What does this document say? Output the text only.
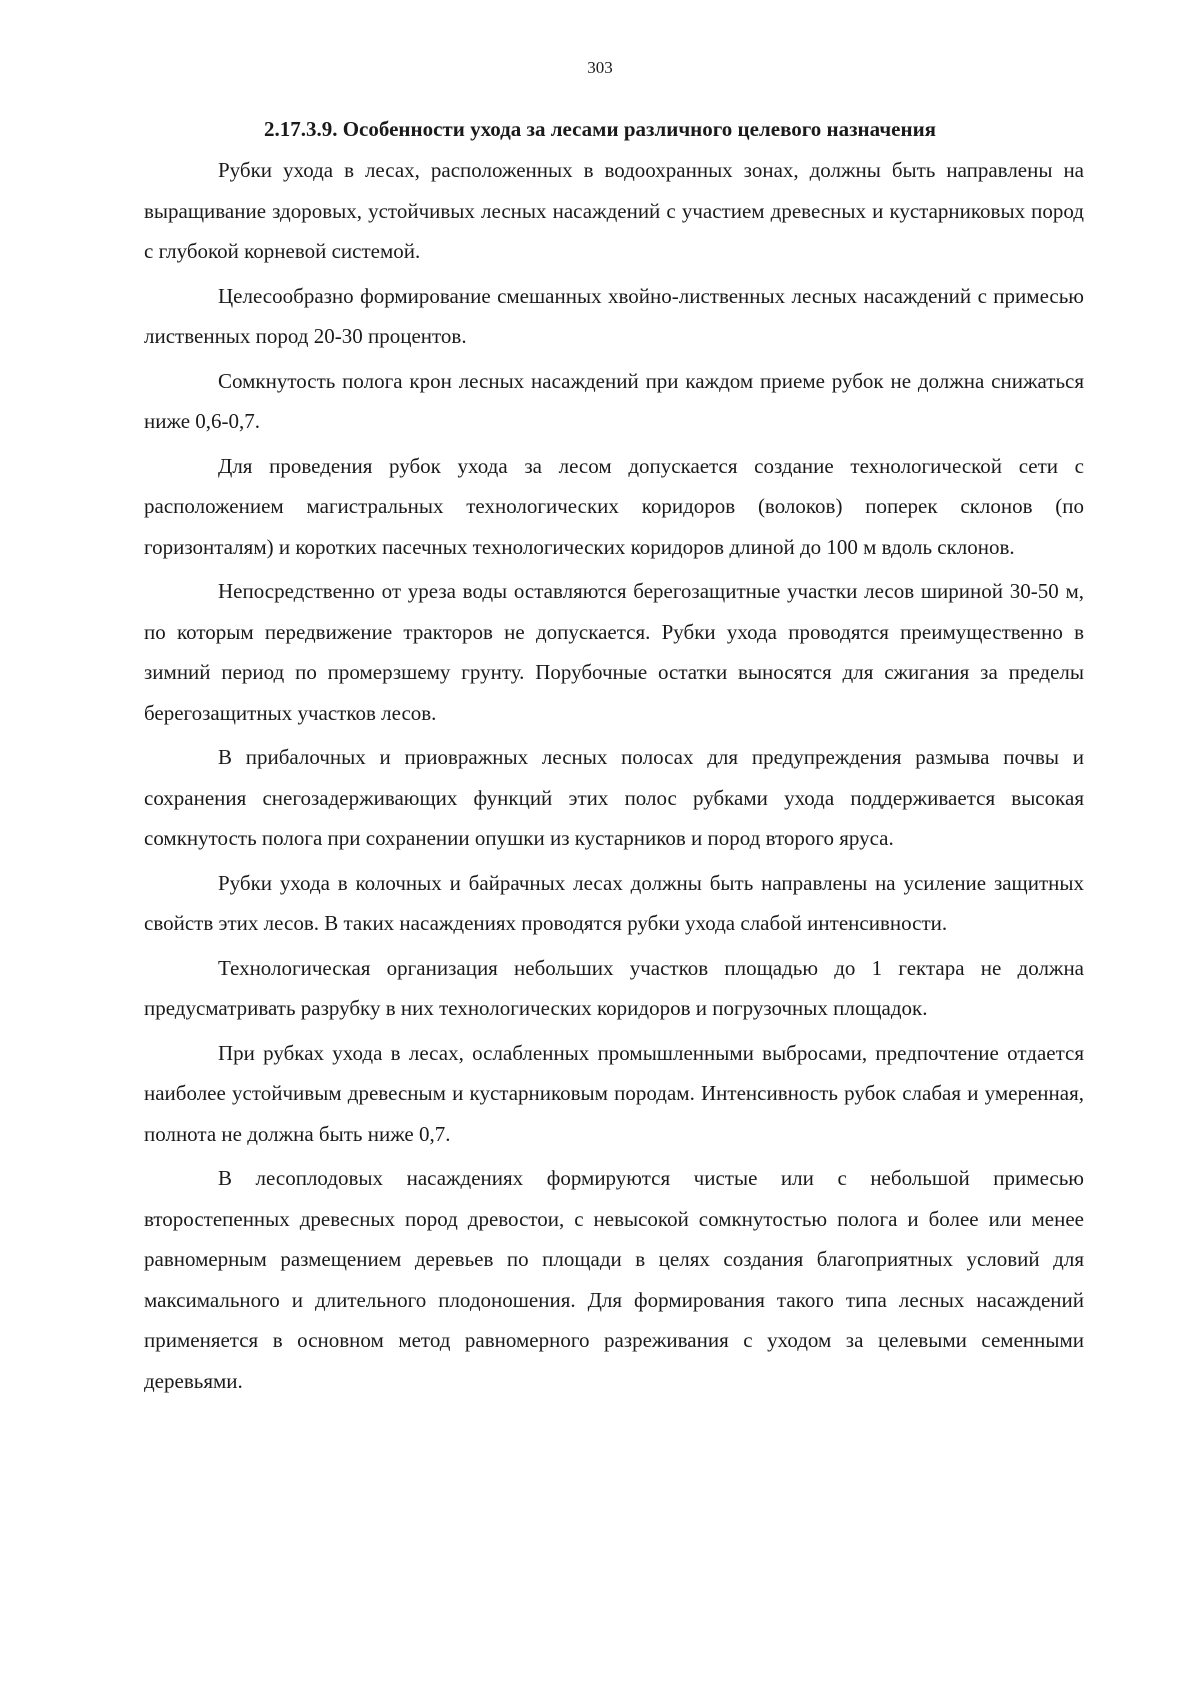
303
2.17.3.9. Особенности ухода за лесами различного целевого назначения

Рубки ухода в лесах, расположенных в водоохранных зонах, должны быть направлены на выращивание здоровых, устойчивых лесных насаждений с участием древесных и кустарниковых пород с глубокой корневой системой.

Целесообразно формирование смешанных хвойно-лиственных лесных насаждений с примесью лиственных пород 20-30 процентов.

Сомкнутость полога крон лесных насаждений при каждом приеме рубок не должна снижаться ниже 0,6-0,7.

Для проведения рубок ухода за лесом допускается создание технологической сети с расположением магистральных технологических коридоров (волоков) поперек склонов (по горизонталям) и коротких пасечных технологических коридоров длиной до 100 м вдоль склонов.

Непосредственно от уреза воды оставляются берегозащитные участки лесов шириной 30-50 м, по которым передвижение тракторов не допускается. Рубки ухода проводятся преимущественно в зимний период по промерзшему грунту. Порубочные остатки выносятся для сжигания за пределы берегозащитных участков лесов.

В прибалочных и приовражных лесных полосах для предупреждения размыва почвы и сохранения снегозадерживающих функций этих полос рубками ухода поддерживается высокая сомкнутость полога при сохранении опушки из кустарников и пород второго яруса.

Рубки ухода в колочных и байрачных лесах должны быть направлены на усиление защитных свойств этих лесов. В таких насаждениях проводятся рубки ухода слабой интенсивности.

Технологическая организация небольших участков площадью до 1 гектара не должна предусматривать разрубку в них технологических коридоров и погрузочных площадок.

При рубках ухода в лесах, ослабленных промышленными выбросами, предпочтение отдается наиболее устойчивым древесным и кустарниковым породам. Интенсивность рубок слабая и умеренная, полнота не должна быть ниже 0,7.

В лесоплодовых насаждениях формируются чистые или с небольшой примесью второстепенных древесных пород древостои, с невысокой сомкнутостью полога и более или менее равномерным размещением деревьев по площади в целях создания благоприятных условий для максимального и длительного плодоношения. Для формирования такого типа лесных насаждений применяется в основном метод равномерного разреживания с уходом за целевыми семенными деревьями.
